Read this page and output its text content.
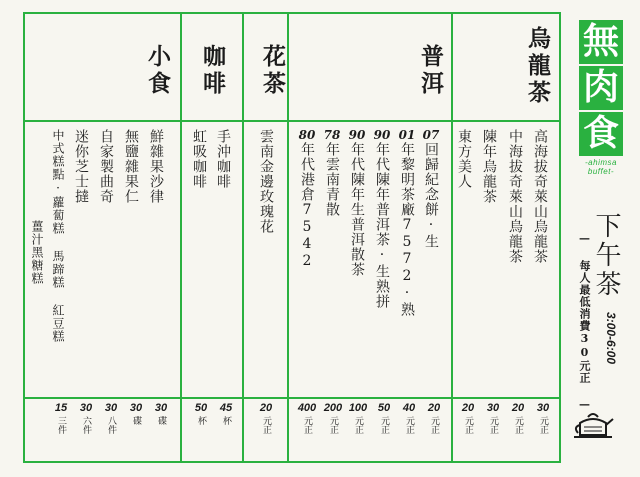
烏龍茶
普洱
花茶
咖啡
小食
高海拔奇萊山烏龍茶
中海拔奇萊山烏龍茶
陳年烏龍茶
東方美人
07
回歸紀念餅·生
01
年黎明茶廠7572·熟
90
年代陳年普洱茶·生熟拼
90
年代陳年生普洱散茶
78
年雲南青散
80
年代港倉7542
雲南金邊玫瑰花
手沖咖啡
虹吸咖啡
鮮雜果沙律
無鹽雜果仁
自家製曲奇
迷你芝士撻
中式糕點·蘿蔔糕 馬蹄糕 紅豆糕
薑汁黑糖糕
30
元正
20
元正
30
元正
20
元正
20
元正
40
元正
50
元正
100
元正
200
元正
400
元正
20
元正
45
杯
50
杯
30
碟
30
碟
30
八件
30
六件
15
三件
無
肉
食
-ahimsa buffet-
下午茶
— 每人最低消費30元正 — 3:00-6:00
